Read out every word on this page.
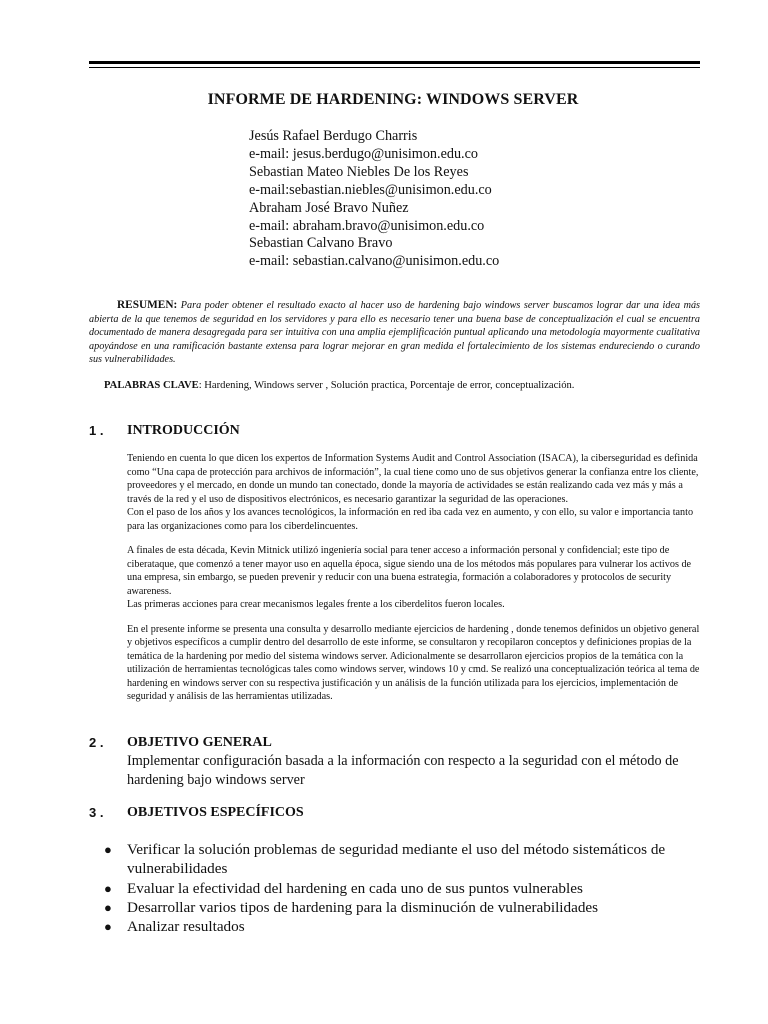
INFORME DE HARDENING: WINDOWS SERVER
Jesús Rafael Berdugo Charris
e-mail: jesus.berdugo@unisimon.edu.co
Sebastian Mateo Niebles De los Reyes
e-mail:sebastian.niebles@unisimon.edu.co
Abraham José Bravo Nuñez
e-mail: abraham.bravo@unisimon.edu.co
Sebastian Calvano Bravo
e-mail: sebastian.calvano@unisimon.edu.co
RESUMEN: Para poder obtener el resultado exacto al hacer uso de hardening bajo windows server buscamos lograr dar una idea más abierta de la que tenemos de seguridad en los servidores y para ello es necesario tener una buena base de conceptualización el cual se encuentra documentado de manera desagregada para ser intuitiva con una amplia ejemplificación puntual aplicando una metodología mayormente cualitativa apoyándose en una ramificación bastante extensa para lograr mejorar en gran medida el fortalecimiento de los sistemas endureciendo o curando sus vulnerabilidades.
PALABRAS CLAVE: Hardening, Windows server , Solución practica, Porcentaje de error, conceptualización.
1 . INTRODUCCIÓN

Teniendo en cuenta lo que dicen los expertos de Information Systems Audit and Control Association (ISACA), la ciberseguridad es definida como “Una capa de protección para archivos de información”, la cual tiene como uno de sus objetivos generar la confianza entre los cliente, proveedores y el mercado, en donde un mundo tan conectado, donde la mayoría de actividades se están realizando cada vez más y más a través de la red y el uso de dispositivos electrónicos, es necesario garantizar la seguridad de las operaciones.
Con el paso de los años y los avances tecnológicos, la información en red iba cada vez en aumento, y con ello, su valor e importancia tanto para las organizaciones como para los ciberdelincuentes.

A finales de esta década, Kevin Mitnick utilizó ingeniería social para tener acceso a información personal y confidencial; este tipo de ciberataque, que comenzó a tener mayor uso en aquella época, sigue siendo una de los métodos más populares para vulnerar los activos de una empresa, sin embargo, se pueden prevenir y reducir con una buena estrategia, formación a colaboradores y protocolos de security awareness.
Las primeras acciones para crear mecanismos legales frente a los ciberdelitos fueron locales.

En el presente informe se presenta una consulta y desarrollo mediante ejercicios de hardening , donde tenemos definidos un objetivo general y objetivos específicos a cumplir dentro del desarrollo de este informe, se consultaron y recopilaron conceptos y definiciones propias de la temática de la hardening por medio del sistema windows server. Adicionalmente se desarrollaron ejercicios propios de la temática con la utilización de herramientas tecnológicas tales como windows server, windows 10 y cmd. Se realizó una conceptualización teórica al tema de hardening en windows server con su respectiva justificación y un análisis de la función utilizada para los ejercicios, implementación de seguridad y análisis de las herramientas utilizadas.

2 . OBJETIVO GENERAL
Implementar configuración basada a la información con respecto a la seguridad con el método de hardening bajo windows server
3 . OBJETIVOS ESPECÍFICOS
● Verificar la solución problemas de seguridad mediante el uso del método sistemáticos de vulnerabilidades
● Evaluar la efectividad del hardening en cada uno de sus puntos vulnerables
● Desarrollar varios tipos de hardening para la disminución de vulnerabilidades
● Analizar resultados
